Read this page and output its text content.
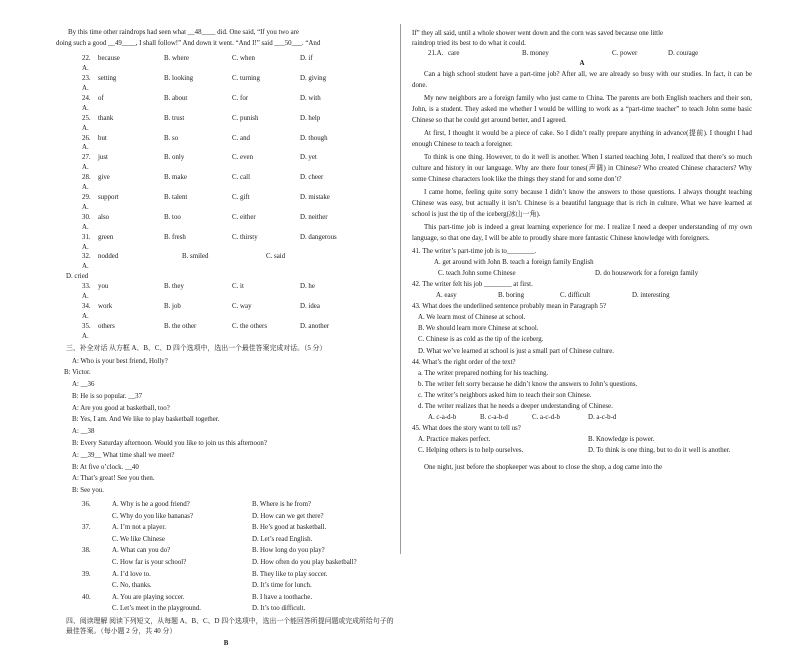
By this time other raindrops had seen what __48____ did. One said, “If you two are

doing such a good __49____, I shall follow!” And down it went. “And I!” said ___50___. “And

22. A.
because	B. where	C. when	D. if
23. A.
setting	B. looking	C. turning	D. giving
24. A.
of	B. about	C. for	D. with
25. A.
thank	B. trust	C. punish	D. help
26. A.
but	B. so	C. and	D. though
27. A.
just	B. only	C. even	D. yet
28. A.
give	B. make	C. call	D. cheer
29. A.
support	B. talent	C. gift	D. mistake
30. A.
also	B. too	C. either	D. neither
31. A.
green	B. fresh	C. thirsty	D. dangerous
32. A.
nodded	B. smiled	C. said
D. cried
33. A.
you	B. they	C. it	D. he
34. A.
work	B. job	C. way	D. idea
35. A.
others	B. the other	C. the others	D. another

三、补全对话 从方框 A、B、C、D 四个选项中，选出一个最佳答案完成对话。（5 分）

A: Who is your best friend, Holly?

B: Victor.

A: __36

B: He is so popular. __37

A: Are you good at basketball, too?

B: Yes, I am. And We like to play basketball together.

A: __38

B: Every Saturday afternoon. Would you like to join us this afternoon?

A: __39__ What time shall we meet?

B: At five o’clock. __40

A: That’s great! See you then.

B: See you.

36.	A. Why is he a good friend?	B. Where is he from?
C. Why do you like bananas?	D. How can we get there?
37.	A. I’m not a player.	B. He’s good at basketball.
C. We like Chinese	D. Let’s read English.
38.	A. What can you do?	B. How long do you play?
C. How far is your school?	D. How often do you play basketball?
39.	A. I’d love to.	B. They like to play soccer.
C. No, thanks.	D. It’s time for lunch.
40.	A. You are playing soccer.	B. I have a toothache.
C. Let’s meet in the playground.	D. It’s too difficult.

四、阅读理解 阅读下列短文，从每题 A、B、C、D 四个选项中，选出一个能回答所提问题或完成所给句子的最佳答案。（每小题 2 分，共 40 分）

B

If” they all said, until a whole shower went down and the corn was saved because one little

raindrop tried its best to do what it could.

21.A. care	B. money	C. power	D. courage

A

Can a high school student have a part-time job? After all, we are already so busy with our studies. In fact, it can be done.

My new neighbors are a foreign family who just came to China. The parents are both English teachers and their son, John, is a student. They asked me whether I would be willing to work as a “part-time teacher” to teach John some basic Chinese so that he could get around better, and I agreed.

At first, I thought it would be a piece of cake. So I didn’t really prepare anything in advance(提前). I thought I had enough Chinese to teach a foreigner.

To think is one thing. However, to do it well is another. When I started teaching John, I realized that there’s so much culture and history in our language. Why are there four tones(声调) in Chinese? Who created Chinese characters? Why some Chinese characters look like the things they stand for and some don’t?

I came home, feeling quite sorry because I didn’t know the answers to those questions. I always thought teaching Chinese was easy, but actually it isn’t. Chinese is a beautiful language that is rich in culture. What we have learned at school is just the tip of the iceberg(冰山一角).

This part-time job is indeed a great learning experience for me. I realize I need a deeper understanding of my own language, so that one day, I will be able to proudly share more fantastic Chinese knowledge with foreigners.

41. The writer’s part-time job is to________.

A. get around with John B. teach a foreign family English

C. teach John some Chinese	D. do housework for a foreign family

42. The writer felt his job ________ at first.

A. easy	B. boring	C. difficult	D. interesting

43. What does the underlined sentence probably mean in Paragraph 5?

A. We learn most of Chinese at school.

B. We should learn more Chinese at school.

C. Chinese is as cold as the tip of the iceberg.

D. What we’ve learned at school is just a small part of Chinese culture.

44. What’s the right order of the text?

a. The writer prepared nothing for his teaching.

b. The writer felt sorry because he didn’t know the answers to John’s questions.

c. The writer’s neighbors asked him to teach their son Chinese.

d. The writer realizes that he needs a deeper understanding of Chinese.

A. c-a-d-b	B. c-a-b-d	C. a-c-d-b	D. a-c-b-d

45. What does the story want to tell us?

A. Practice makes perfect.	B. Knowledge is power.
C. Helping others is to help ourselves.	D. To think is one thing, but to do it well is another.

One night, just before the shopkeeper was about to close the shop, a dog came into the
